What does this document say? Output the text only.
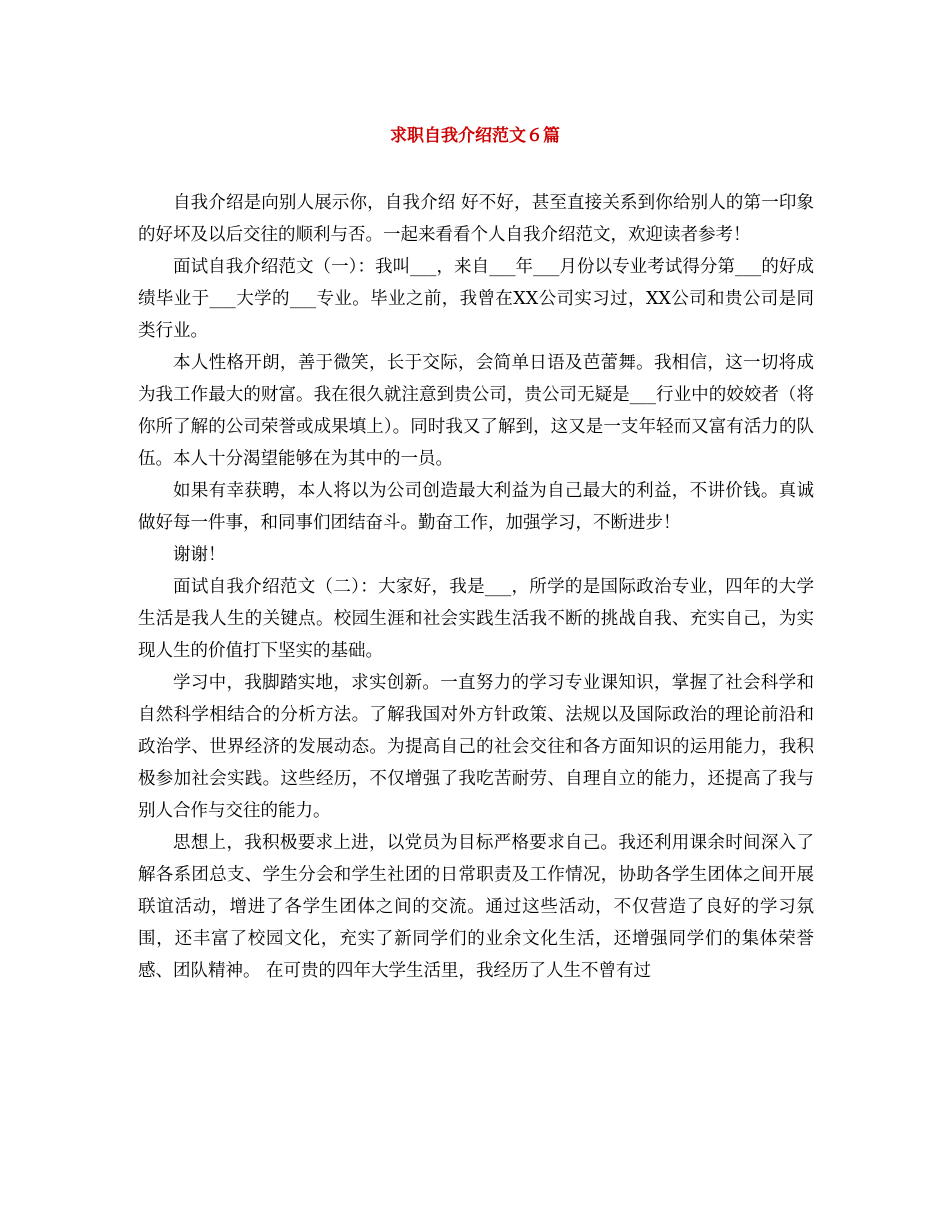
求职自我介绍范文６篇

自我介绍是向别人展示你，自我介绍 好不好，甚至直接关系到你给别人的第一印象的好坏及以后交往的顺利与否。一起来看看个人自我介绍范文，欢迎读者参考！

面试自我介绍范文（一）：我叫___，来自___年___月份以专业考试得分第___的好成绩毕业于___大学的___专业。毕业之前，我曾在XX公司实习过，XX公司和贵公司是同类行业。

本人性格开朗，善于微笑，长于交际，会简单日语及芭蕾舞。我相信，这一切将成为我工作最大的财富。我在很久就注意到贵公司，贵公司无疑是___行业中的姣姣者（将你所了解的公司荣誉或成果填上）。同时我又了解到，这又是一支年轻而又富有活力的队伍。本人十分渴望能够在为其中的一员。

如果有幸获聘，本人将以为公司创造最大利益为自己最大的利益，不讲价钱。真诚做好每一件事，和同事们团结奋斗。勤奋工作，加强学习，不断进步！

谢谢！

面试自我介绍范文（二）：大家好，我是___，所学的是国际政治专业，四年的大学生活是我人生的关键点。校园生涯和社会实践生活我不断的挑战自我、充实自己，为实现人生的价值打下坚实的基础。

学习中，我脚踏实地，求实创新。一直努力的学习专业课知识，掌握了社会科学和自然科学相结合的分析方法。了解我国对外方针政策、法规以及国际政治的理论前沿和政治学、世界经济的发展动态。为提高自己的社会交往和各方面知识的运用能力，我积极参加社会实践。这些经历，不仅增强了我吃苦耐劳、自理自立的能力，还提高了我与别人合作与交往的能力。

思想上，我积极要求上进，以党员为目标严格要求自己。我还利用课余时间深入了解各系团总支、学生分会和学生社团的日常职责及工作情况，协助各学生团体之间开展联谊活动，增进了各学生团体之间的交流。通过这些活动，不仅营造了良好的学习氛围，还丰富了校园文化，充实了新同学们的业余文化生活，还增强同学们的集体荣誉感、团队精神。 在可贵的四年大学生活里，我经历了人生不曾有过
